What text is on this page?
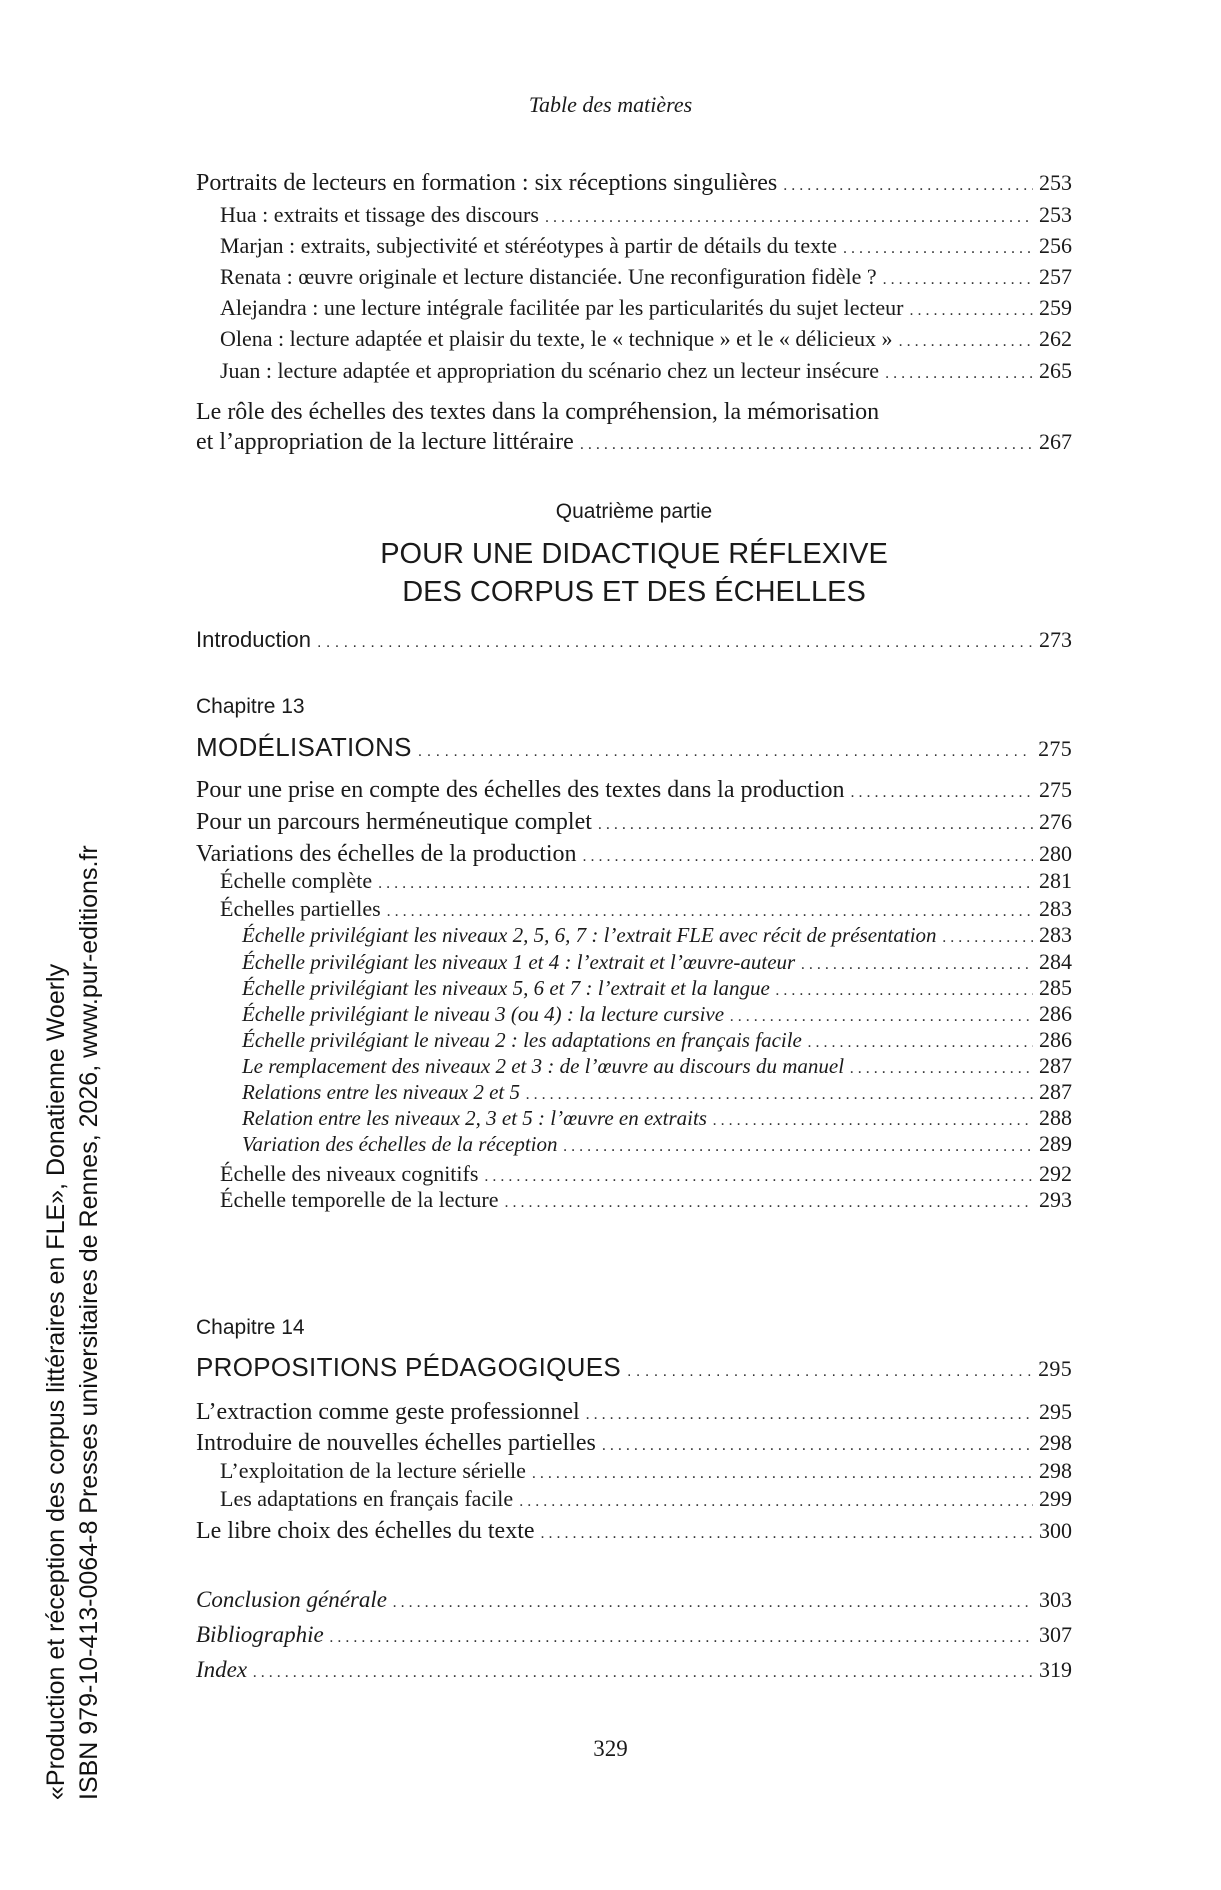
Table des matières
Portraits de lecteurs en formation : six réceptions singulières . . .	253
Hua : extraits et tissage des discours . . .	253
Marjan : extraits, subjectivité et stéréotypes à partir de détails du texte . . .	256
Renata : œuvre originale et lecture distanciée. Une reconfiguration fidèle ? . . .	257
Alejandra : une lecture intégrale facilitée par les particularités du sujet lecteur . . .	259
Olena : lecture adaptée et plaisir du texte, le « technique » et le « délicieux » . . .	262
Juan : lecture adaptée et appropriation du scénario chez un lecteur insécure . . .	265
Le rôle des échelles des textes dans la compréhension, la mémorisation
et l’appropriation de la lecture littéraire . . .	267
Quatrième partie
POUR UNE DIDACTIQUE RÉFLEXIVE
DES CORPUS ET DES ÉCHELLES
Introduction . . .	273
Chapitre 13
MODÉLISATIONS . . .	275
Pour une prise en compte des échelles des textes dans la production . . .	275
Pour un parcours herméneutique complet . . .	276
Variations des échelles de la production . . .	280
Échelle complète . . .	281
Échelles partielles . . .	283
Échelle privilégiant les niveaux 2, 5, 6, 7 : l’extrait FLE avec récit de présentation . . .	283
Échelle privilégiant les niveaux 1 et 4 : l’extrait et l’œuvre-auteur . . .	284
Échelle privilégiant les niveaux 5, 6 et 7 : l’extrait et la langue . . .	285
Échelle privilégiant le niveau 3 (ou 4) : la lecture cursive . . .	286
Échelle privilégiant le niveau 2 : les adaptations en français facile . . .	286
Le remplacement des niveaux 2 et 3 : de l’œuvre au discours du manuel . . .	287
Relations entre les niveaux 2 et 5 . . .	287
Relation entre les niveaux 2, 3 et 5 : l’œuvre en extraits . . .	288
Variation des échelles de la réception . . .	289
Échelle des niveaux cognitifs . . .	292
Échelle temporelle de la lecture . . .	293
Chapitre 14
PROPOSITIONS PÉDAGOGIQUES . . .	295
L’extraction comme geste professionnel . . .	295
Introduire de nouvelles échelles partielles . . .	298
L’exploitation de la lecture sérielle . . .	298
Les adaptations en français facile . . .	299
Le libre choix des échelles du texte . . .	300
Conclusion générale . . .	303
Bibliographie . . .	307
Index . . .	319
329
«Production et réception des corpus littéraires en FLE», Donatienne Woerly ISBN 979-10-413-0064-8 Presses universitaires de Rennes, 2026, www.pur-editions.fr
